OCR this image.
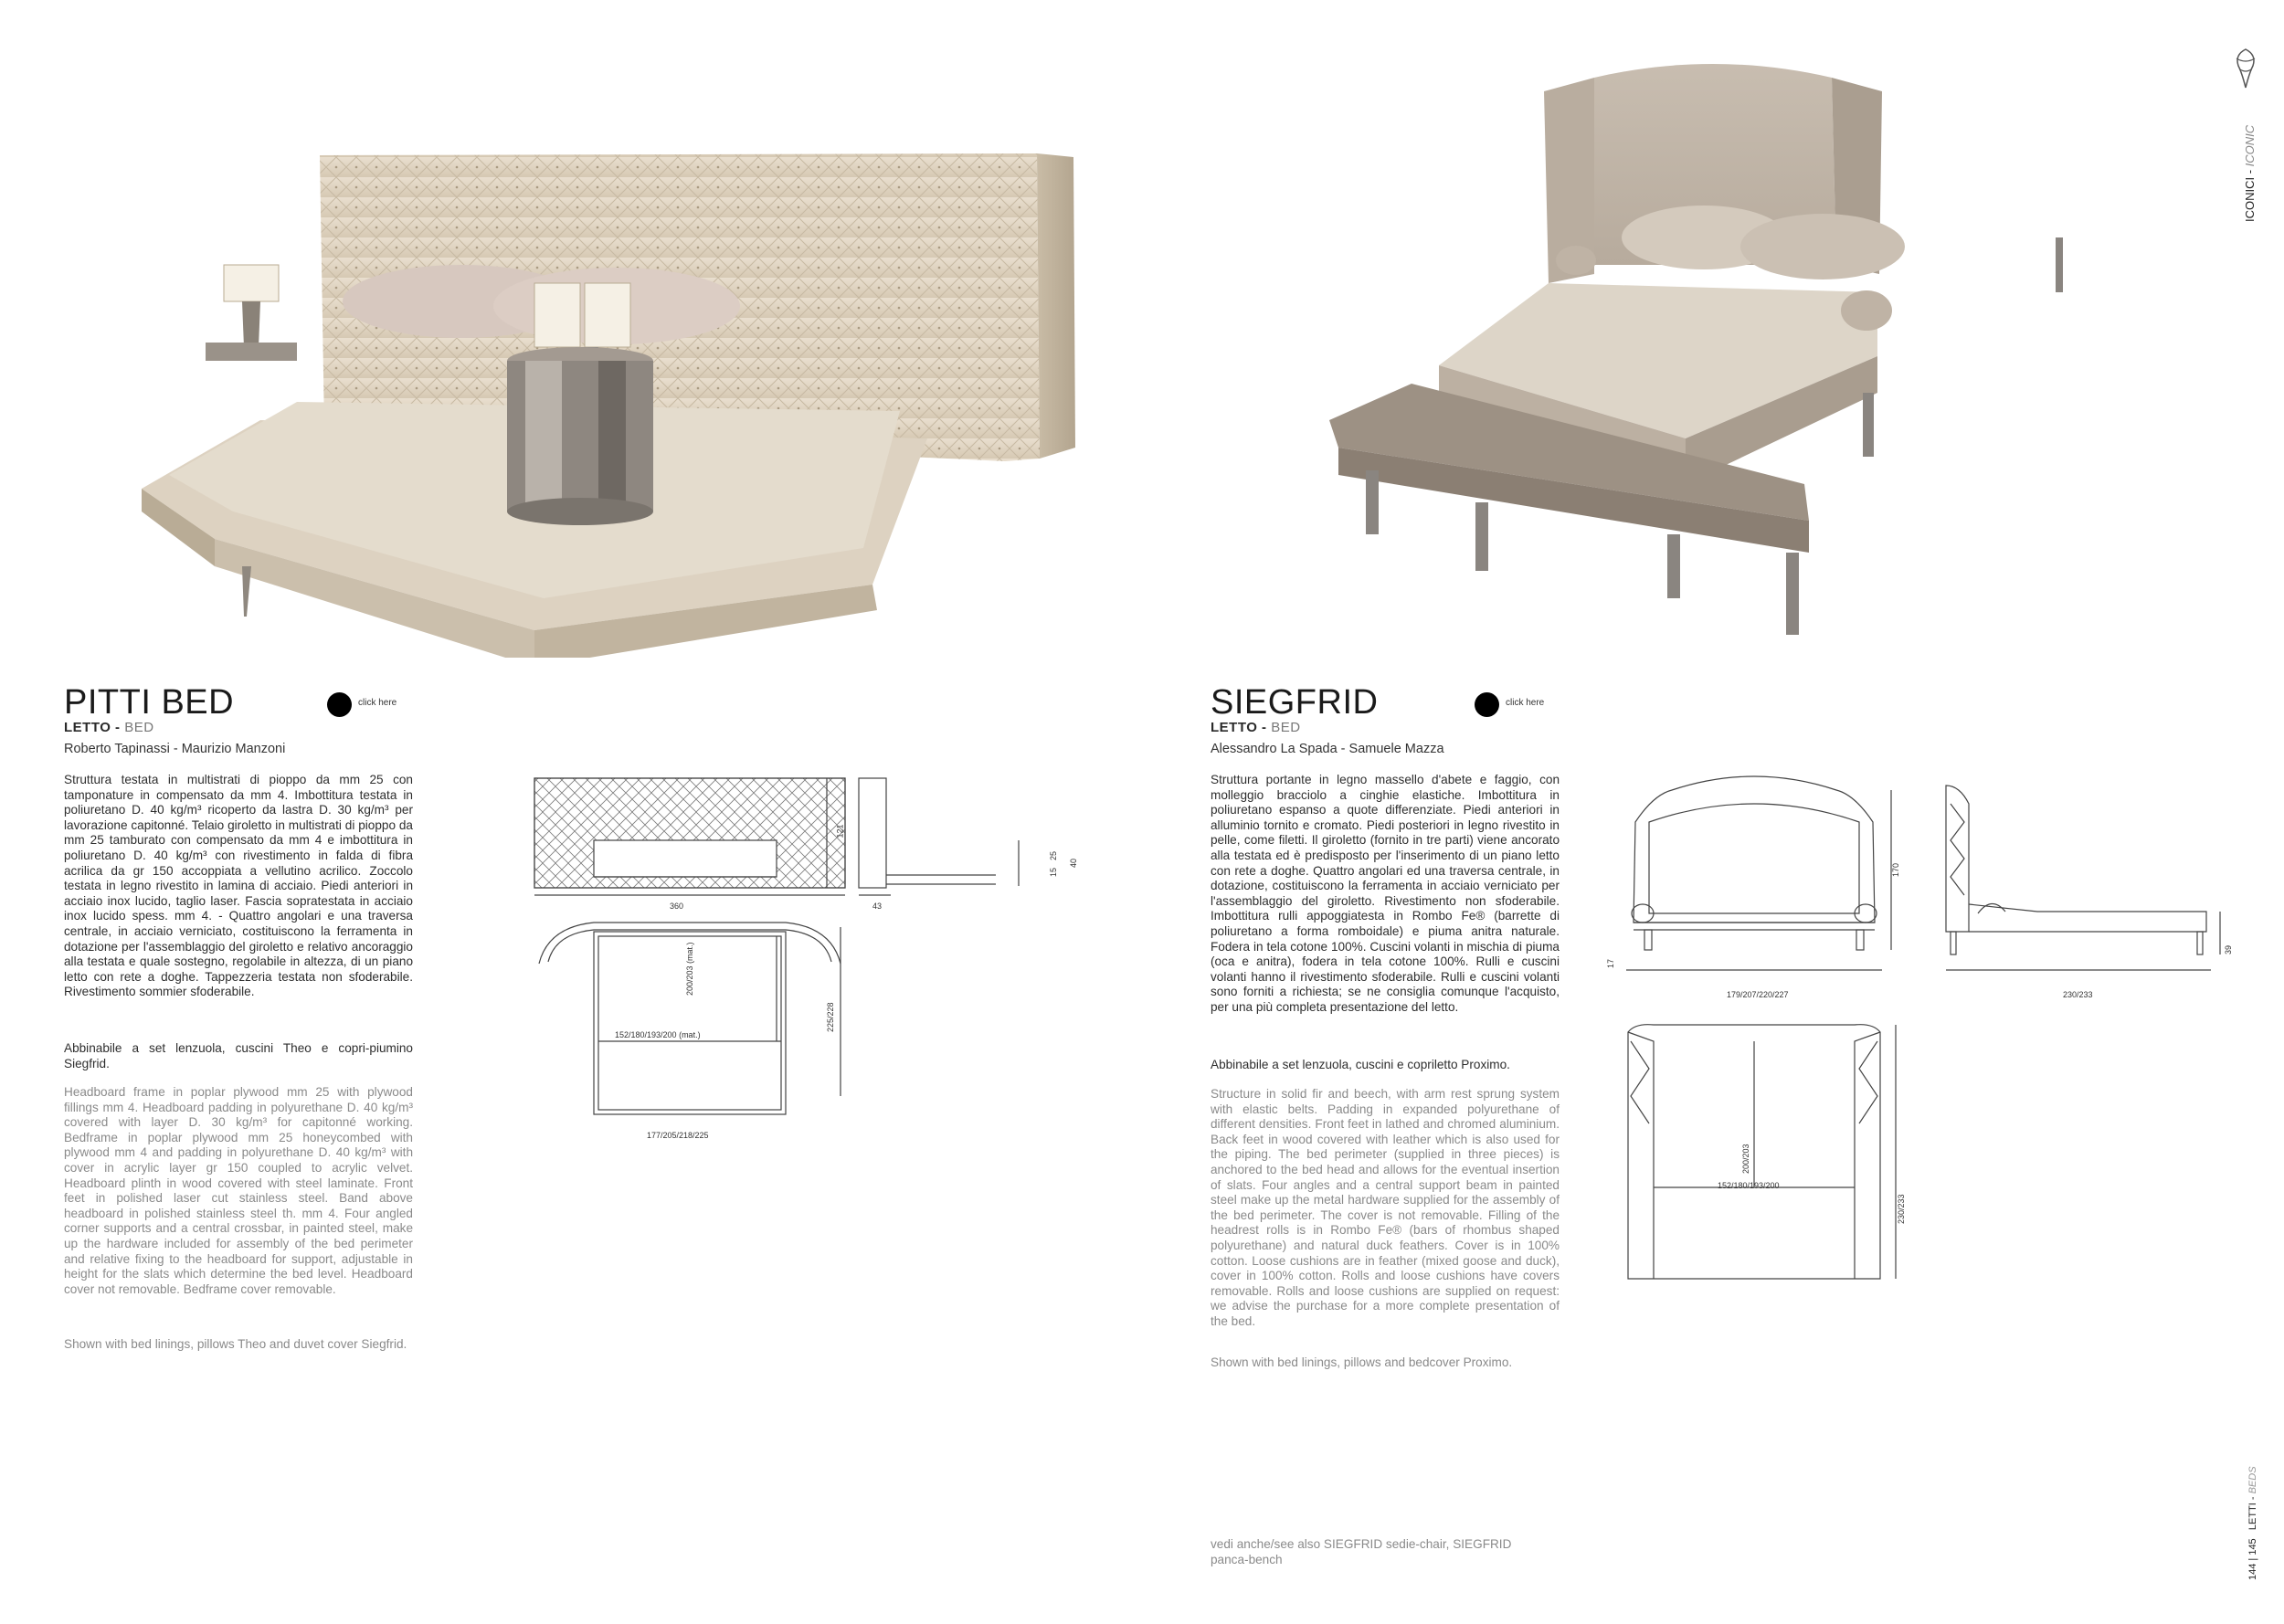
PITTI BED	click here
LETTO - BED
Roberto Tapinassi - Maurizio Manzoni
Struttura testata in multistrati di pioppo da mm 25 con tamponature in compensato da mm 4. Imbottitura testata in poliuretano D. 40 kg/m³ ricoperto da lastra D. 30 kg/m³ per lavorazione capitonné. Telaio giroletto in multistrati di pioppo da mm 25 tamburato con compensato da mm 4 e imbottitura in poliuretano D. 40 kg/m³ con rivestimento in falda di fibra acrilica da gr 150 accoppiata a vellutino acrilico. Zoccolo testata in legno rivestito in lamina di acciaio. Piedi anteriori in acciaio inox lucido, taglio laser. Fascia sopratestata in acciaio inox lucido spess. mm 4. - Quattro angolari e una traversa centrale, in acciaio verniciato, costituiscono la ferramenta in dotazione per l'assemblaggio del giroletto e relativo ancoraggio alla testata e quale sostegno, regolabile in altezza, di un piano letto con rete a doghe. Tappezzeria testata non sfoderabile. Rivestimento sommier sfoderabile.
Abbinabile a set lenzuola, cuscini Theo e copri-piumino Siegfrid.
Headboard frame in poplar plywood mm 25 with plywood fillings mm 4. Headboard padding in polyurethane D. 40 kg/m³ covered with layer D. 30 kg/m³ for capitonné working. Bedframe in poplar plywood mm 25 honeycombed with plywood mm 4 and padding in polyurethane D. 40 kg/m³ with cover in acrylic layer gr 150 coupled to acrylic velvet. Headboard plinth in wood covered with steel laminate. Front feet in polished laser cut stainless steel. Band above headboard in polished stainless steel th. mm 4. Four angled corner supports and a central crossbar, in painted steel, make up the hardware included for assembly of the bed perimeter and relative fixing to the headboard for support, adjustable in height for the slats which determine the bed level. Headboard cover not removable. Bedframe cover removable.
Shown with bed linings, pillows Theo and duvet cover Siegfrid.
360
121
43
15
25
40
200/203 (mat.)
152/180/193/200 (mat.)
225/228
177/205/218/225
SIEGFRID	click here
LETTO - BED
Alessandro La Spada - Samuele Mazza
Struttura portante in legno massello d'abete e faggio, con molleggio bracciolo a cinghie elastiche. Imbottitura in poliuretano espanso a quote differenziate. Piedi anteriori in alluminio tornito e cromato. Piedi posteriori in legno rivestito in pelle, come filetti. Il giroletto (fornito in tre parti) viene ancorato alla testata ed è predisposto per l'inserimento di un piano letto con rete a doghe. Quattro angolari ed una traversa centrale, in dotazione, costituiscono la ferramenta in acciaio verniciato per l'assemblaggio del giroletto. Rivestimento non sfoderabile. Imbottitura rulli appoggiatesta in Rombo Fe® (barrette di poliuretano a forma romboidale) e piuma anitra naturale. Fodera in tela cotone 100%. Cuscini volanti in mischia di piuma (oca e anitra), fodera in tela cotone 100%. Rulli e cuscini volanti hanno il rivestimento sfoderabile. Rulli e cuscini volanti sono forniti a richiesta; se ne consiglia comunque l'acquisto, per una più completa presentazione del letto.
Abbinabile a set lenzuola, cuscini e copriletto Proximo.
Structure in solid fir and beech, with arm rest sprung system with elastic belts. Padding in expanded polyurethane of different densities. Front feet in lathed and chromed aluminium. Back feet in wood covered with leather which is also used for the piping. The bed perimeter (supplied in three pieces) is anchored to the bed head and allows for the eventual insertion of slats. Four angles and a central support beam in painted steel make up the metal hardware supplied for the assembly of the bed perimeter. The cover is not removable. Filling of the headrest rolls is in Rombo Fe® (bars of rhombus shaped polyurethane) and natural duck feathers. Cover is in 100% cotton. Loose cushions are in feather (mixed goose and duck), cover in 100% cotton. Rolls and loose cushions have covers removable. Rolls and loose cushions are supplied on request: we advise the purchase for a more complete presentation of the bed.
Shown with bed linings, pillows and bedcover Proximo.
vedi anche/see also SIEGFRID sedie-chair, SIEGFRID panca-bench
179/207/220/227
170
17
230/233
39
200/203
152/180/193/200
230/233
ICONICI - ICONIC
144 | 145   LETTI - BEDS
